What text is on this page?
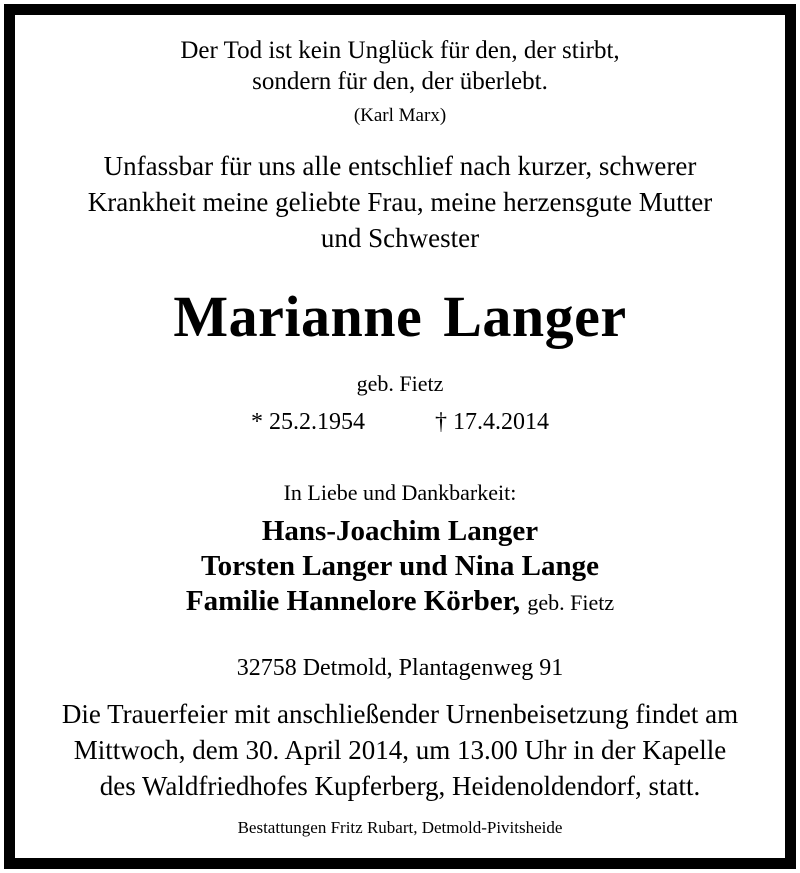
Der Tod ist kein Unglück für den, der stirbt,
sondern für den, der überlebt.
(Karl Marx)
Unfassbar für uns alle entschlief nach kurzer, schwerer
Krankheit meine geliebte Frau, meine herzensgute Mutter
und Schwester
Marianne Langer
geb. Fietz
* 25.2.1954	† 17.4.2014
In Liebe und Dankbarkeit:
Hans-Joachim Langer
Torsten Langer und Nina Lange
Familie Hannelore Körber, geb. Fietz
32758 Detmold, Plantagenweg 91
Die Trauerfeier mit anschließender Urnenbeisetzung findet am
Mittwoch, dem 30. April 2014, um 13.00 Uhr in der Kapelle
des Waldfriedhofes Kupferberg, Heidenoldendorf, statt.
Bestattungen Fritz Rubart, Detmold-Pivitsheide
